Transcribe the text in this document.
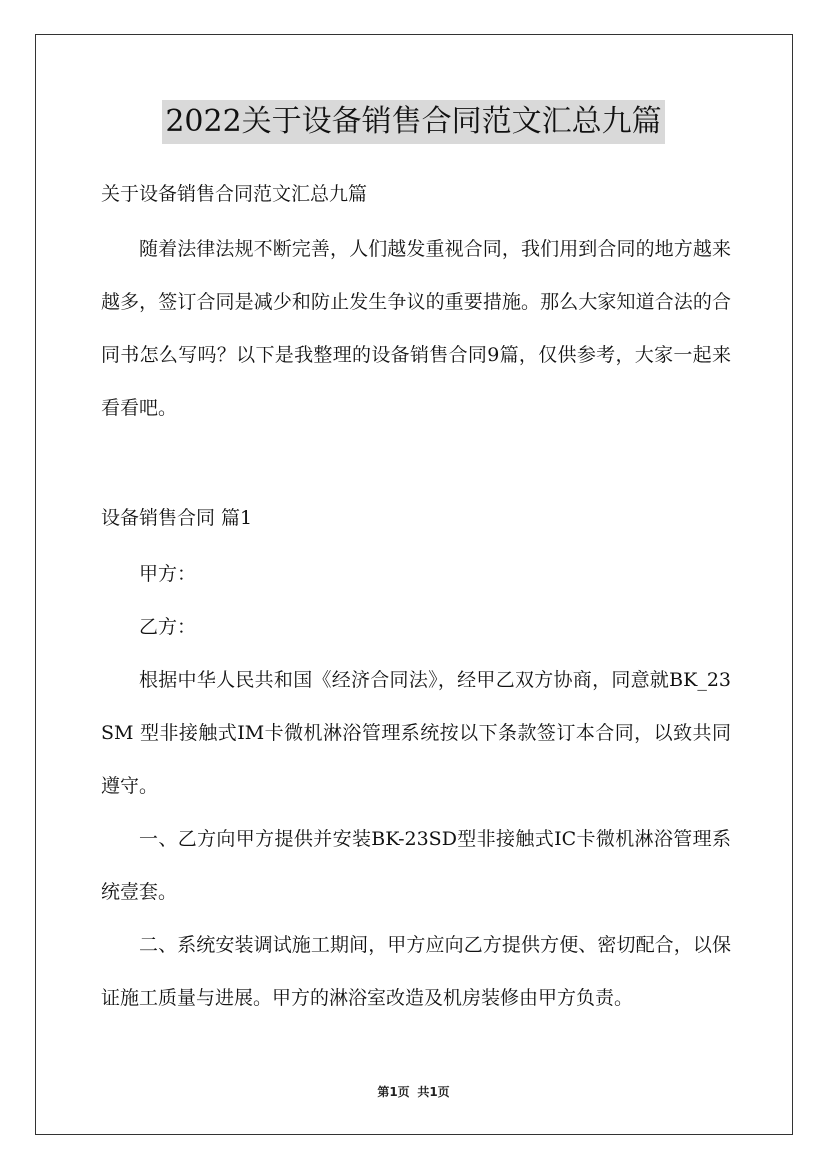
2022关于设备销售合同范文汇总九篇
关于设备销售合同范文汇总九篇

随着法律法规不断完善，人们越发重视合同，我们用到合同的地方越来越多，签订合同是减少和防止发生争议的重要措施。那么大家知道合法的合同书怎么写吗？以下是我整理的设备销售合同9篇，仅供参考，大家一起来看看吧。

设备销售合同 篇1

甲方：

乙方：

根据中华人民共和国《经济合同法》，经甲乙双方协商，同意就BK_23SM 型非接触式IM卡微机淋浴管理系统按以下条款签订本合同，以致共同遵守。

一、乙方向甲方提供并安装BK-23SD型非接触式IC卡微机淋浴管理系统壹套。

二、系统安装调试施工期间，甲方应向乙方提供方便、密切配合，以保证施工质量与进展。甲方的淋浴室改造及机房装修由甲方负责。

第1页 共1页
